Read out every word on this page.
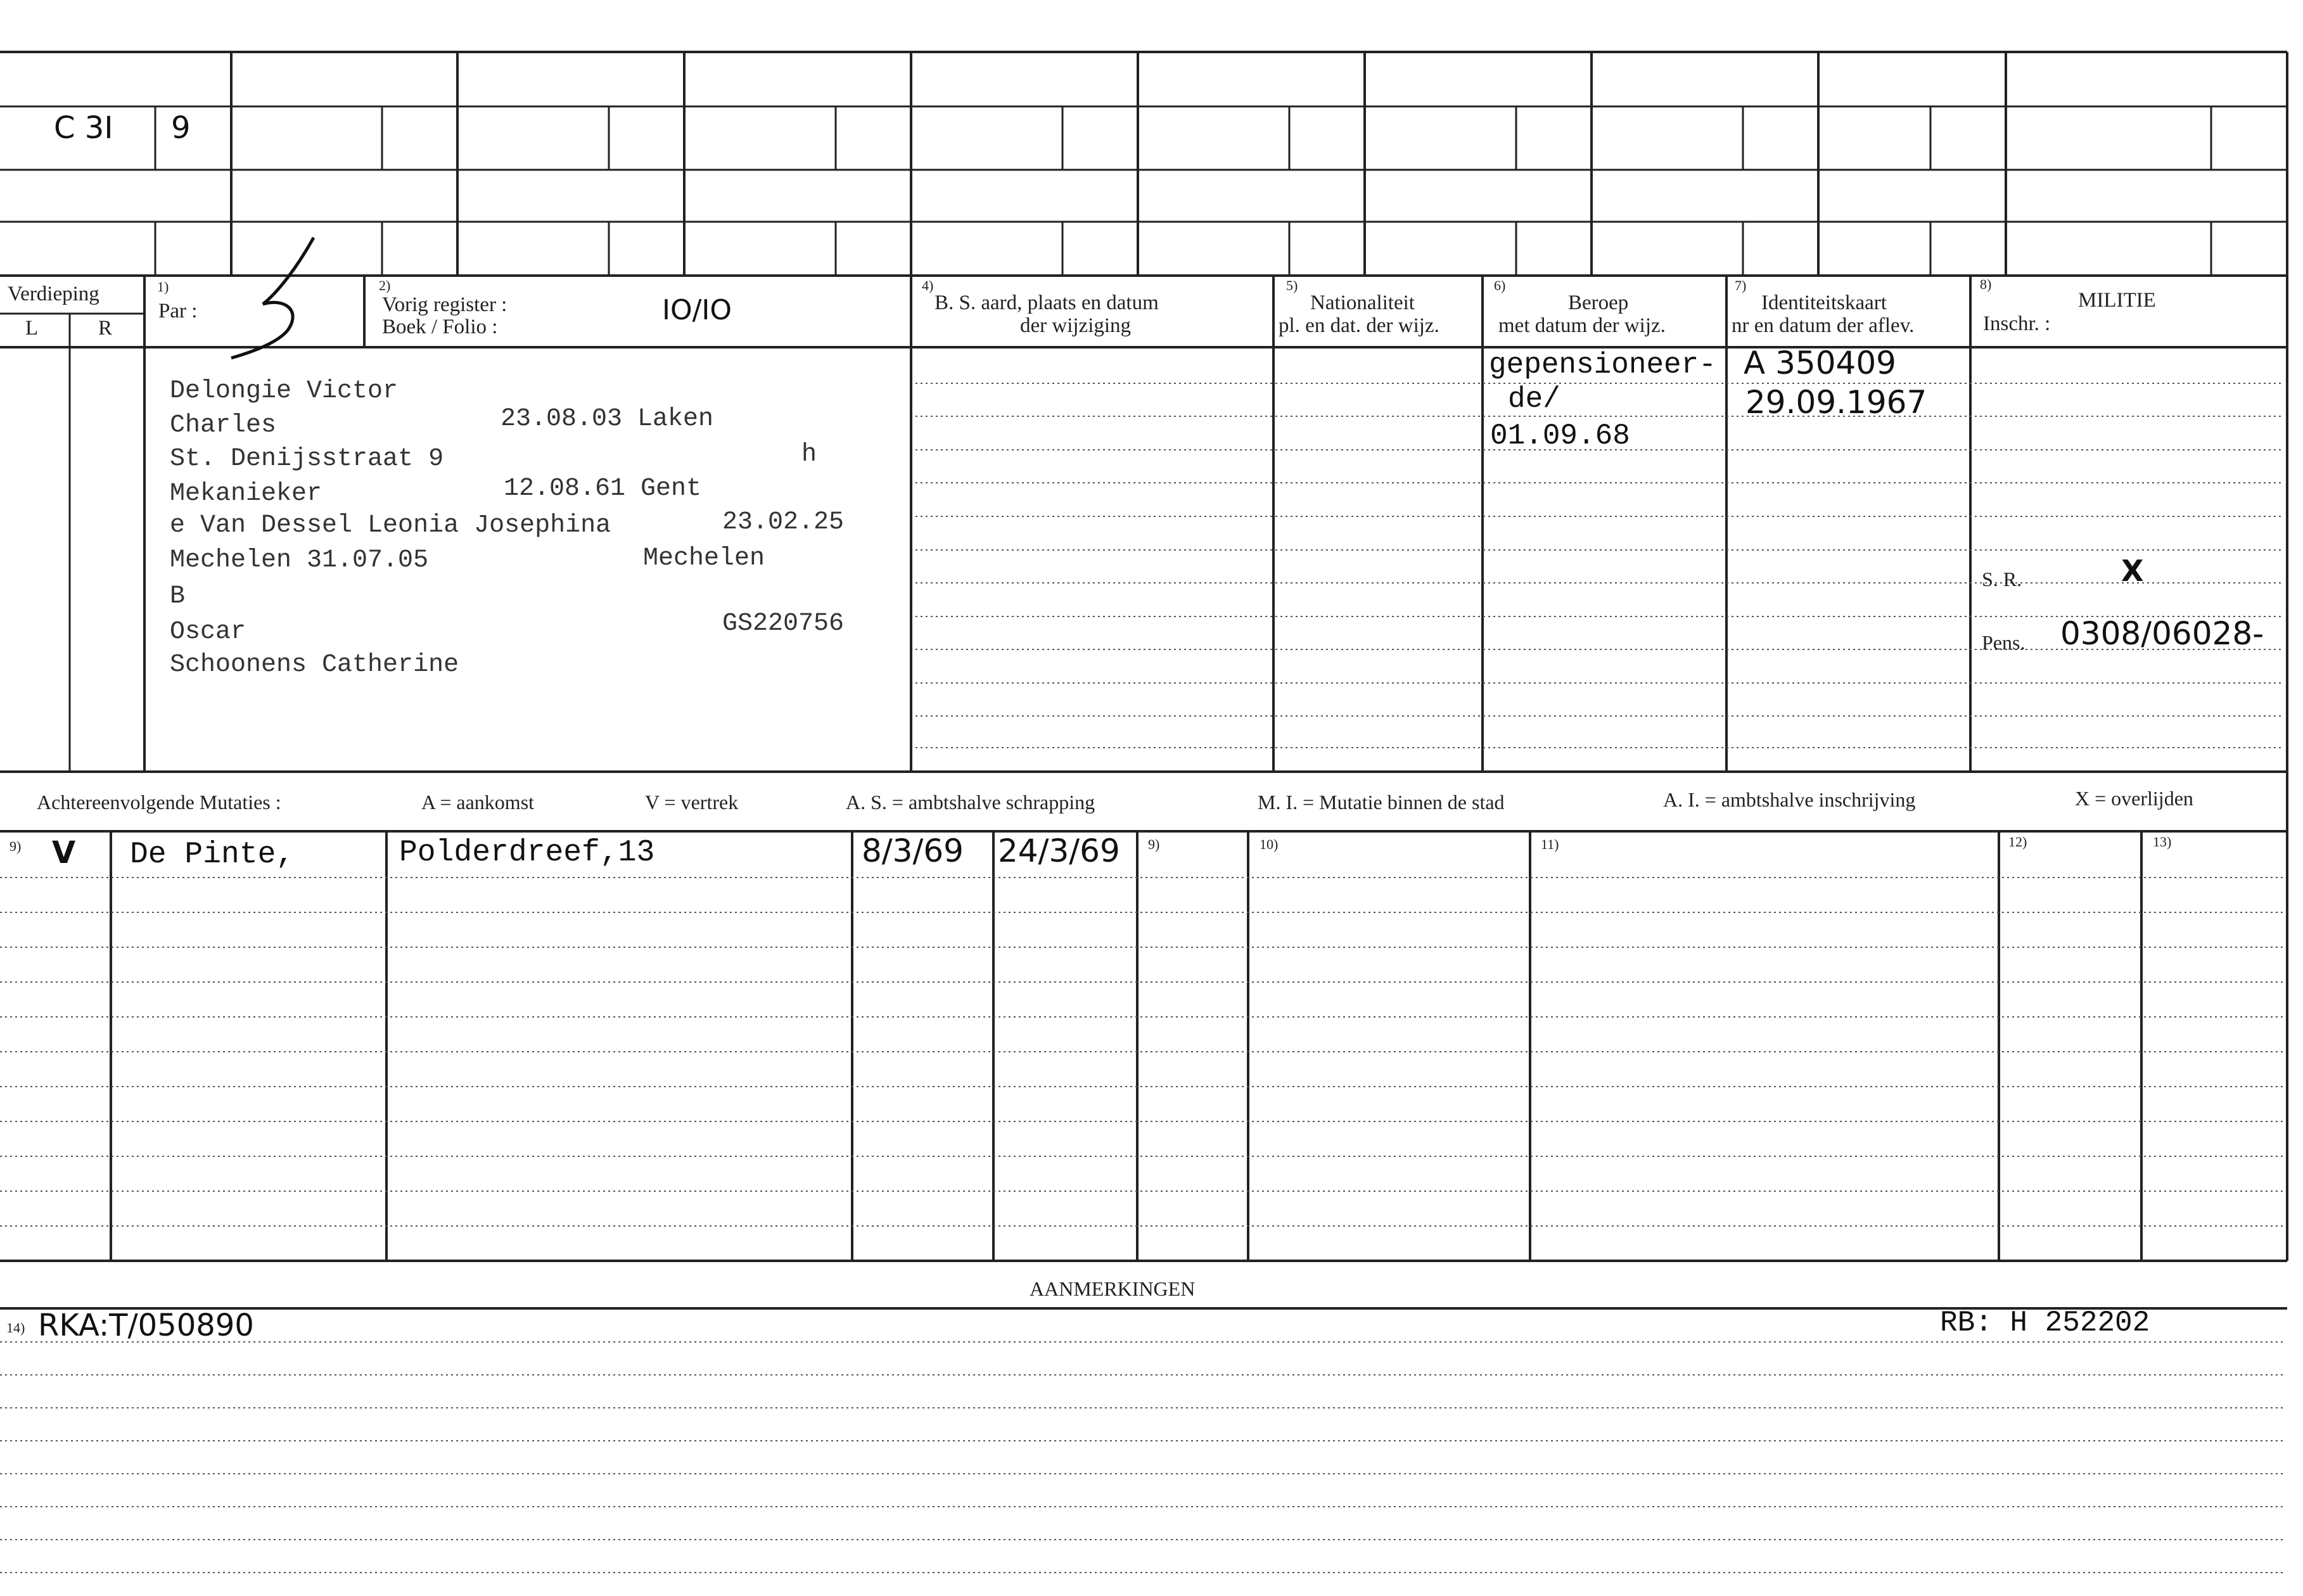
C 3I 9
Verdieping
L	R
1)
Par :
2)
Vorig register :
Boek / Folio :
IO/IO
4)
B. S. aard, plaats en datum
der wijziging
5)
Nationaliteit
pl. en dat. der wijz.
6)
Beroep
met datum der wijz.
7)
Identiteitskaart
nr en datum der aflev.
8)
MILITIE
Inschr. :
Delongie Victor
Charles	23.08.03 Laken
St. Denijsstraat 9	h
Mekanieker	12.08.61 Gent
e Van Dessel Leonia Josephina	23.02.25
Mechelen 31.07.05	Mechelen
B
Oscar	GS220756
Schoonens Catherine
gepensioneer-
de/
01.09.68
A 350409
29.09.1967
S. R.	X
Pens. 0308/06028-
Achtereenvolgende Mutaties :	A = aankomst	V = vertrek	A. S. = ambtshalve schrapping	M. I. = Mutatie binnen de stad	A. I. = ambtshalve inschrijving	X = overlijden
9)	9)	10)	11)	12)	13)
V De Pinte,	Polderdreef,13	8/3/69 24/3/69
AANMERKINGEN
14) RKA:T/050890	RB: H 252202
